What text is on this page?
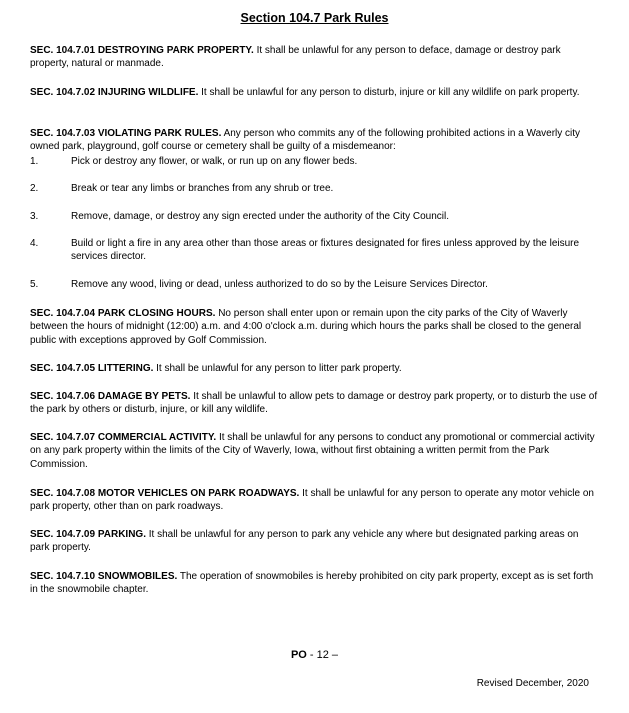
Section 104.7 Park Rules
SEC. 104.7.01 DESTROYING PARK PROPERTY. It shall be unlawful for any person to deface, damage or destroy park property, natural or manmade.
SEC. 104.7.02 INJURING WILDLIFE. It shall be unlawful for any person to disturb, injure or kill any wildlife on park property.
SEC. 104.7.03 VIOLATING PARK RULES. Any person who commits any of the following prohibited actions in a Waverly city owned park, playground, golf course or cemetery shall be guilty of a misdemeanor:
1.	Pick or destroy any flower, or walk, or run up on any flower beds.
2.	Break or tear any limbs or branches from any shrub or tree.
3.	Remove, damage, or destroy any sign erected under the authority of the City Council.
4.	Build or light a fire in any area other than those areas or fixtures designated for fires unless approved by the leisure services director.
5.	Remove any wood, living or dead, unless authorized to do so by the Leisure Services Director.
SEC. 104.7.04 PARK CLOSING HOURS. No person shall enter upon or remain upon the city parks of the City of Waverly between the hours of midnight (12:00) a.m. and 4:00 o'clock a.m. during which hours the parks shall be closed to the general public with exceptions approved by Golf Commission.
SEC. 104.7.05 LITTERING. It shall be unlawful for any person to litter park property.
SEC. 104.7.06 DAMAGE BY PETS. It shall be unlawful to allow pets to damage or destroy park property, or to disturb the use of the park by others or disturb, injure, or kill any wildlife.
SEC. 104.7.07 COMMERCIAL ACTIVITY. It shall be unlawful for any persons to conduct any promotional or commercial activity on any park property within the limits of the City of Waverly, Iowa, without first obtaining a written permit from the Park Commission.
SEC. 104.7.08 MOTOR VEHICLES ON PARK ROADWAYS. It shall be unlawful for any person to operate any motor vehicle on park property, other than on park roadways.
SEC. 104.7.09 PARKING. It shall be unlawful for any person to park any vehicle any where but designated parking areas on park property.
SEC. 104.7.10 SNOWMOBILES. The operation of snowmobiles is hereby prohibited on city park property, except as is set forth in the snowmobile chapter.
PO - 12 –
Revised December, 2020
